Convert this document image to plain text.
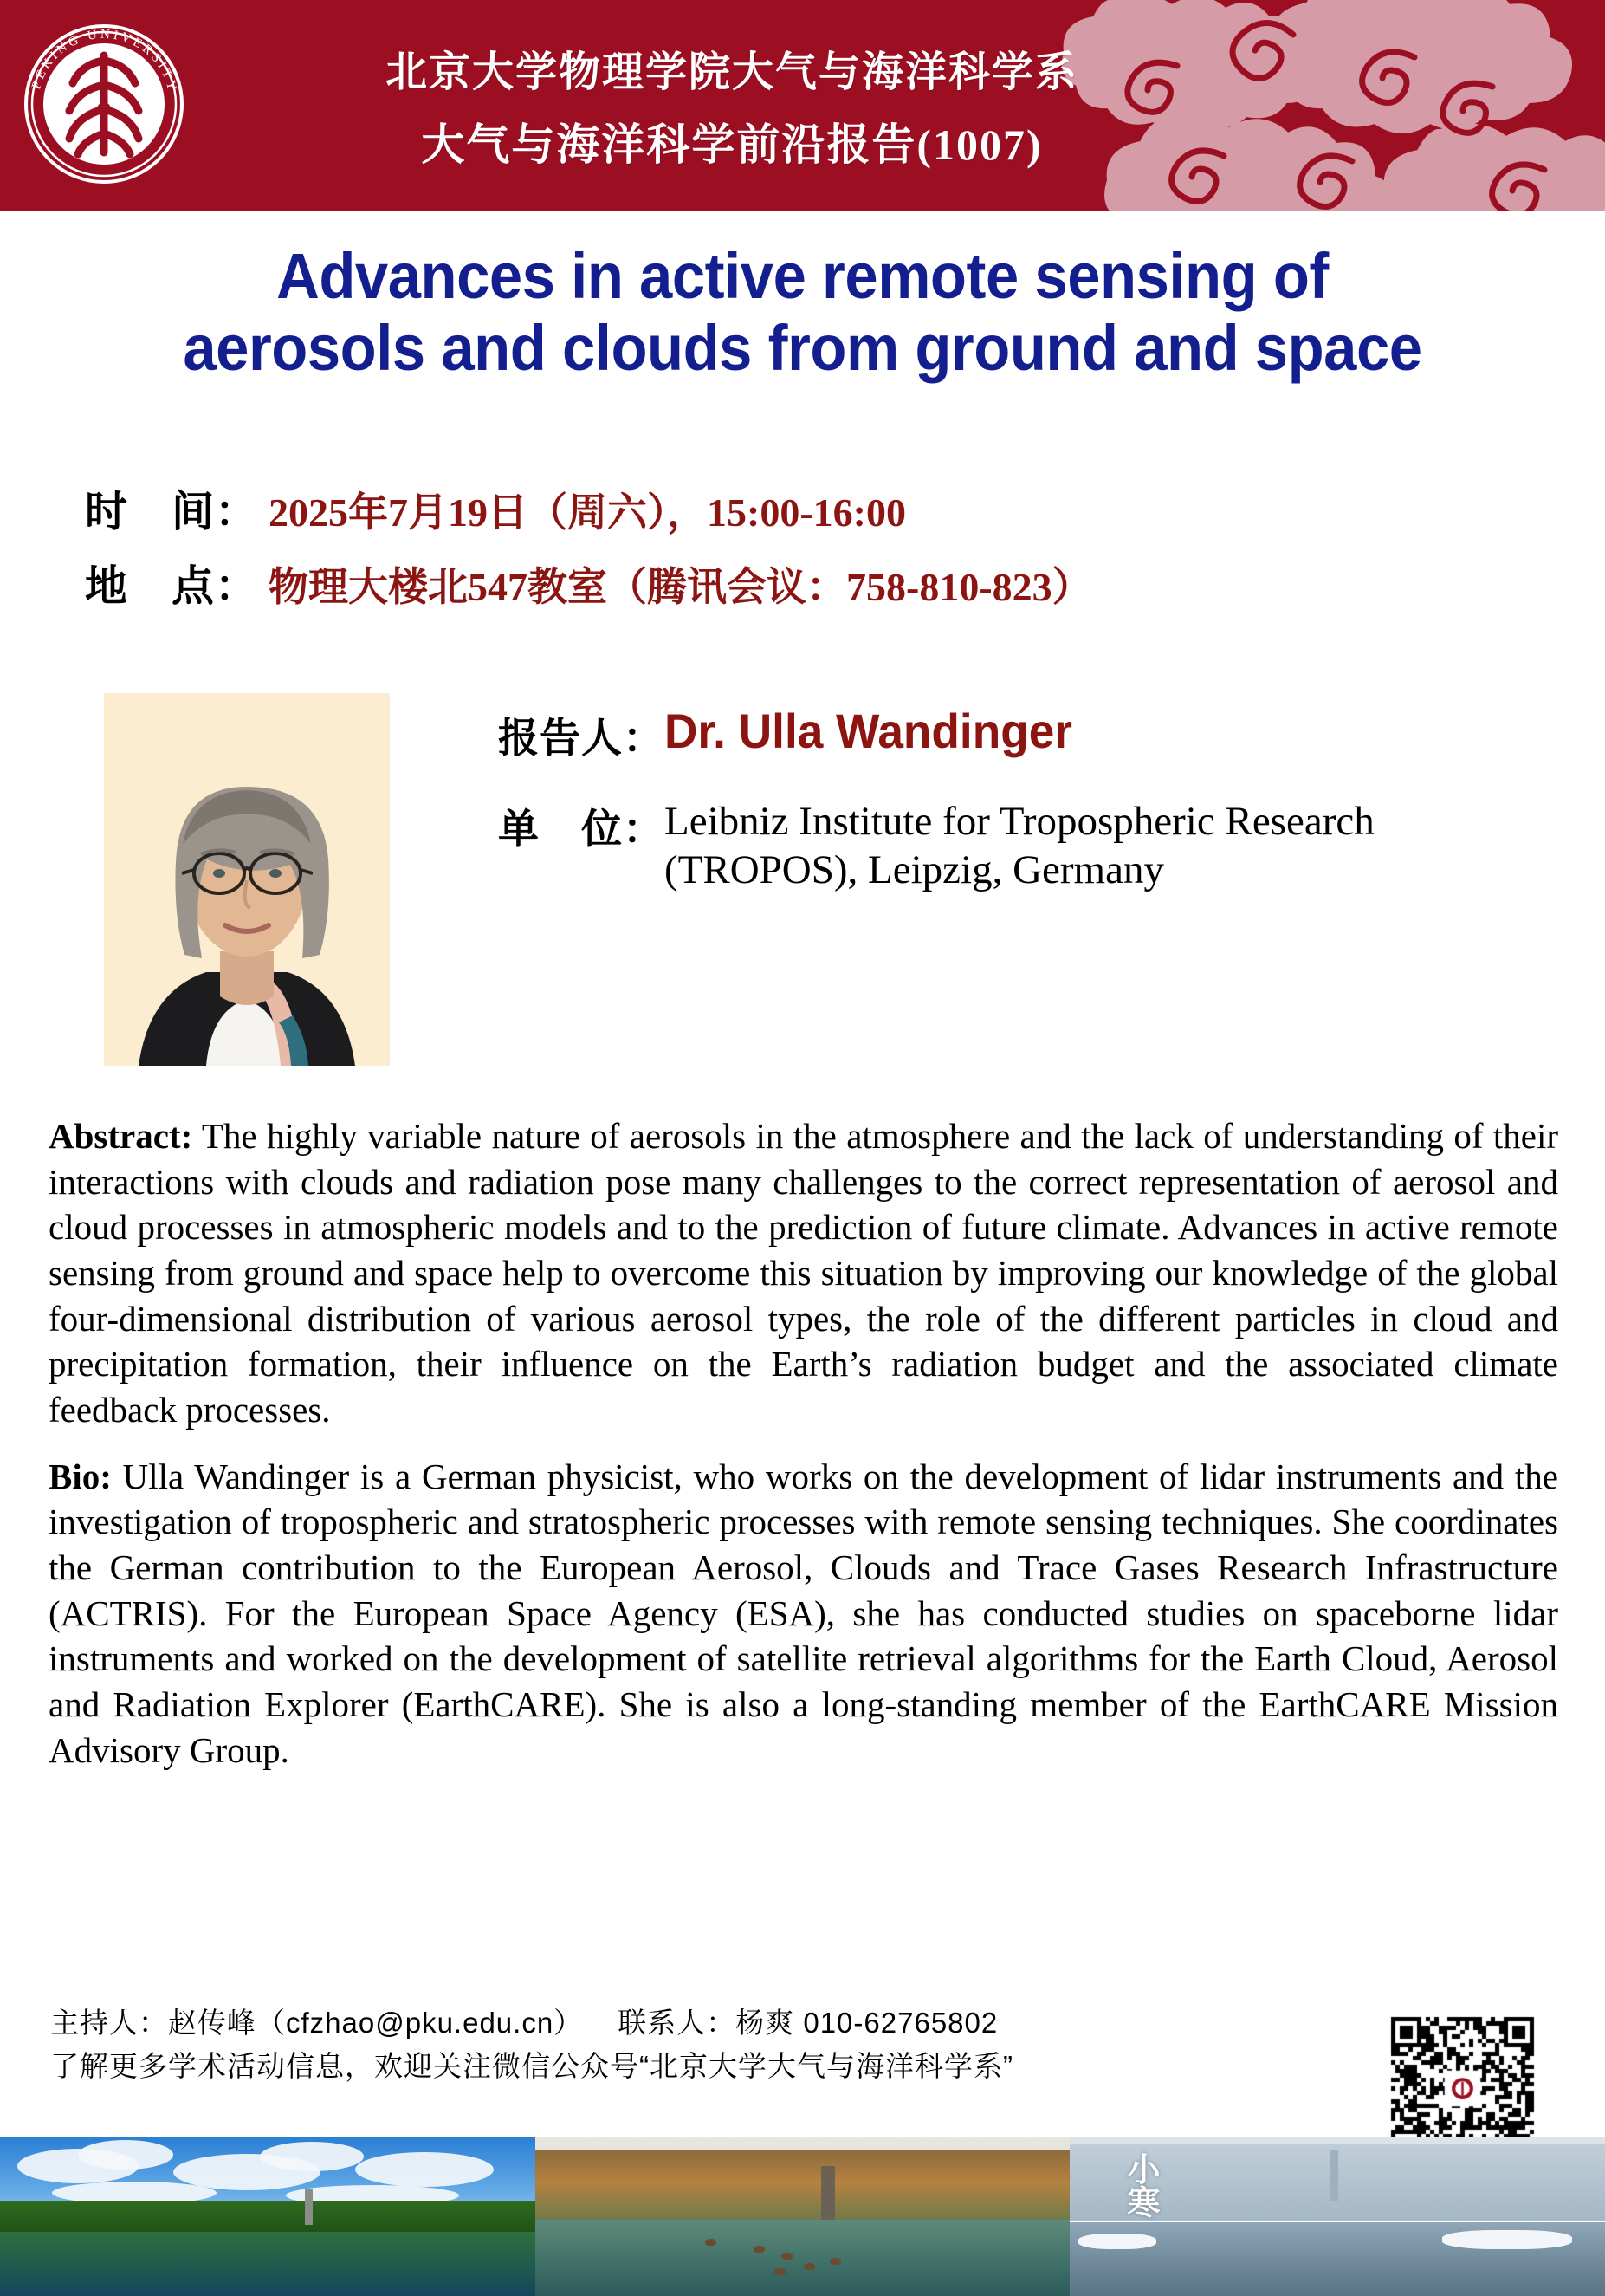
PEKING UNIVERSITY
1898
北京大学物理学院大气与海洋科学系
大气与海洋科学前沿报告(1007)
Advances in active remote sensing of
aerosols and clouds from ground and space
时　间： 2025年7月19日（周六），15:00-16:00
地　点： 物理大楼北547教室（腾讯会议：758-810-823）
报告人： Dr. Ulla Wandinger
单　位： Leibniz Institute for Tropospheric Research (TROPOS), Leipzig, Germany
Abstract: The highly variable nature of aerosols in the atmosphere and the lack of understanding of their interactions with clouds and radiation pose many challenges to the correct representation of aerosol and cloud processes in atmospheric models and to the prediction of future climate. Advances in active remote sensing from ground and space help to overcome this situation by improving our knowledge of the global four-dimensional distribution of various aerosol types, the role of the different particles in cloud and precipitation formation, their influence on the Earth’s radiation budget and the associated climate feedback processes.
Bio: Ulla Wandinger is a German physicist, who works on the development of lidar instruments and the investigation of tropospheric and stratospheric processes with remote sensing techniques. She coordinates the German contribution to the European Aerosol, Clouds and Trace Gases Research Infrastructure (ACTRIS). For the European Space Agency (ESA), she has conducted studies on spaceborne lidar instruments and worked on the development of satellite retrieval algorithms for the Earth Cloud, Aerosol and Radiation Explorer (EarthCARE). She is also a long-standing member of the EarthCARE Mission Advisory Group.
主持人：赵传峰（cfzhao@pku.edu.cn） 联系人：杨爽 010-62765802
了解更多学术活动信息，欢迎关注微信公众号“北京大学大气与海洋科学系”
小寒
